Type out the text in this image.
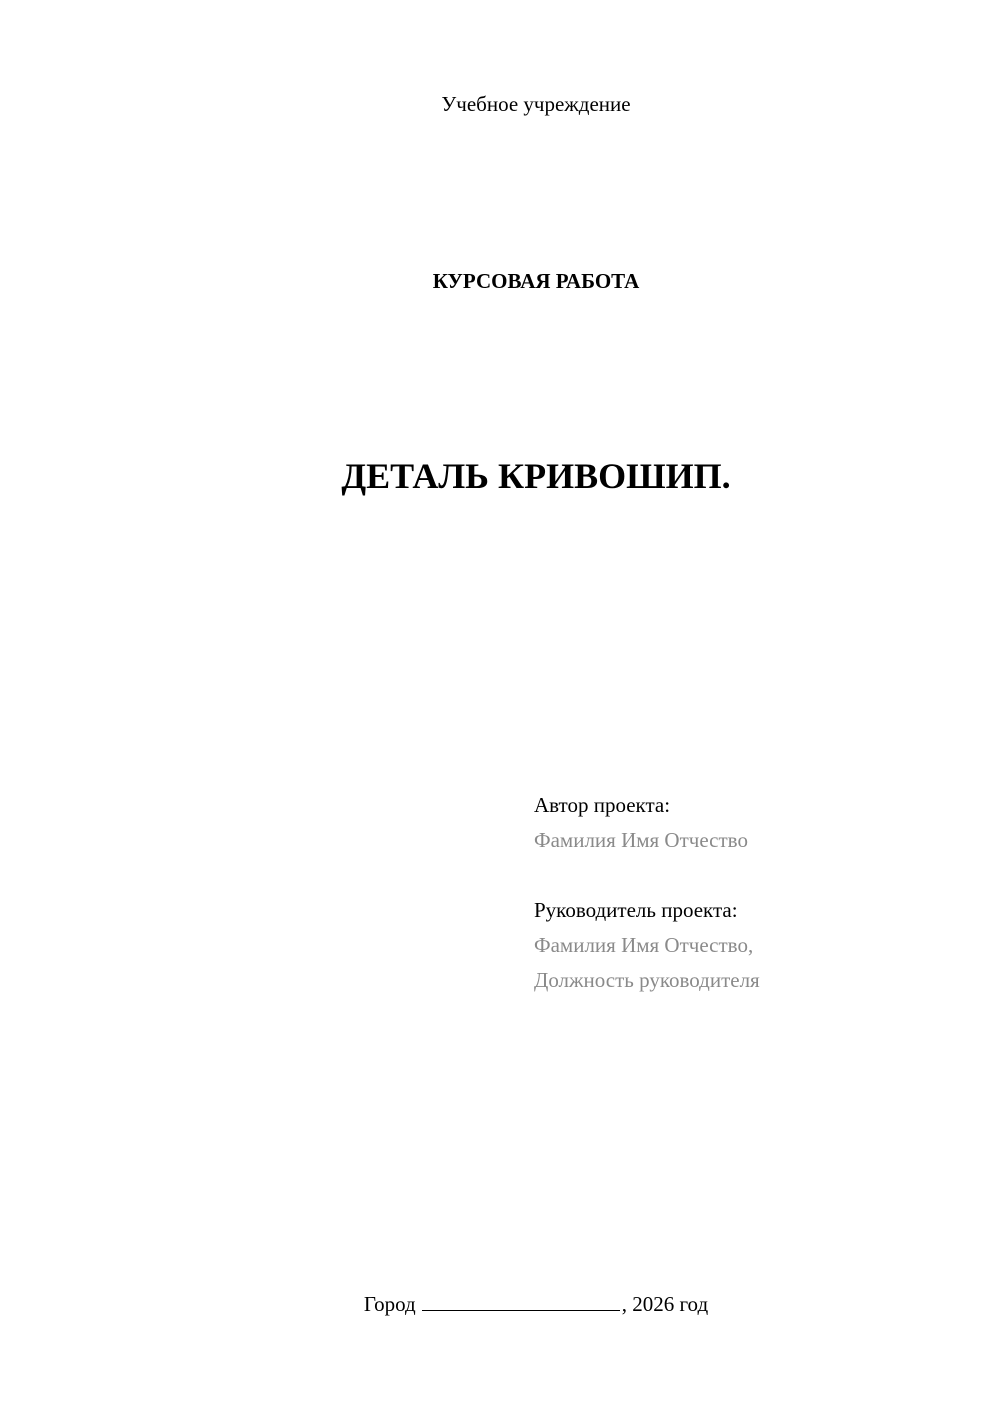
Учебное учреждение
КУРСОВАЯ РАБОТА
ДЕТАЛЬ КРИВОШИП.
Автор проекта:
Фамилия Имя Отчество
Руководитель проекта:
Фамилия Имя Отчество,
Должность руководителя
Город	, 2026 год
